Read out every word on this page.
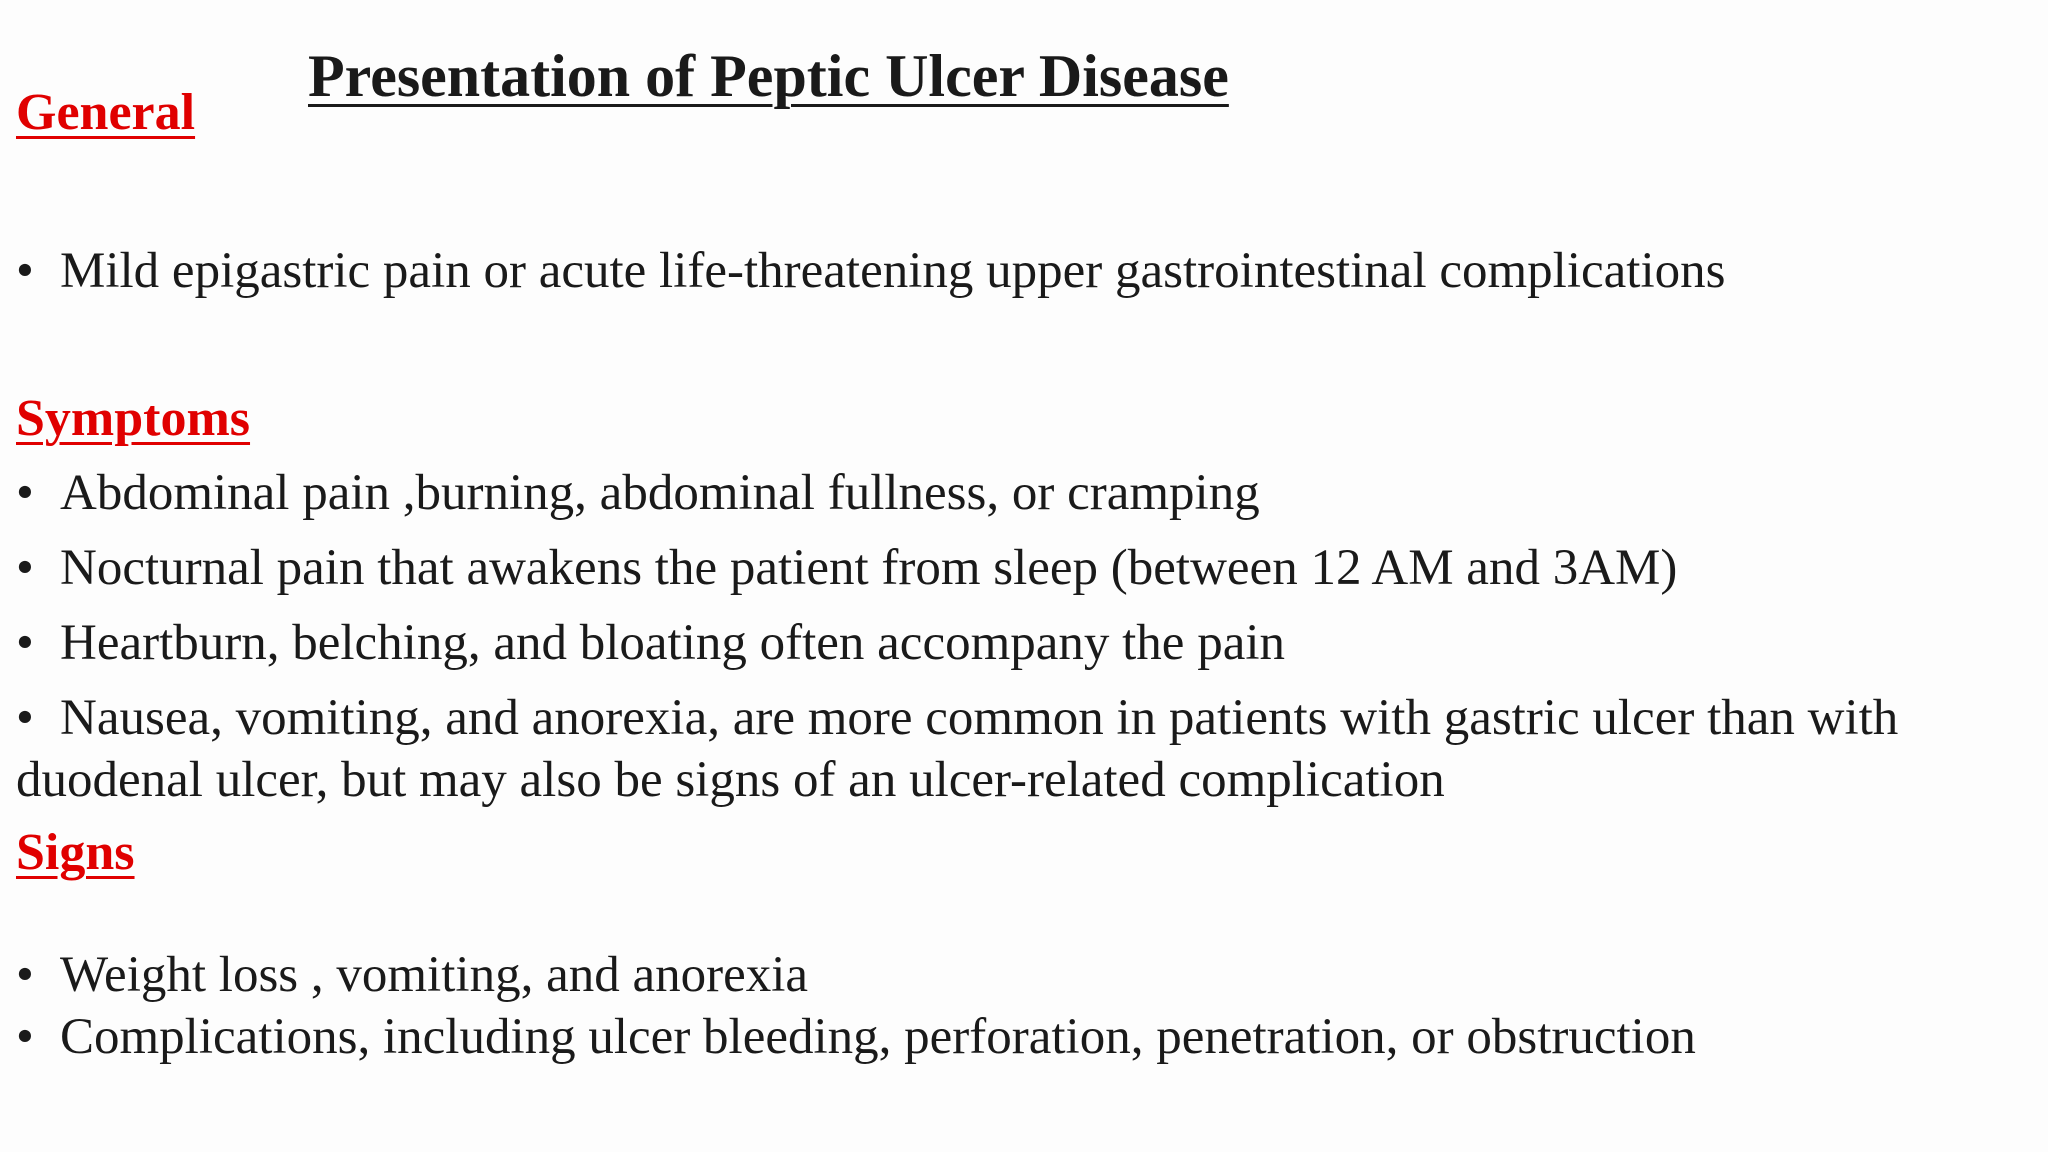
Presentation of Peptic Ulcer Disease
General

• Mild epigastric pain or acute life-threatening upper gastrointestinal complications

Symptoms

• Abdominal pain ,burning, abdominal fullness, or cramping

• Nocturnal pain that awakens the patient from sleep (between 12 AM and 3AM)

• Heartburn, belching, and bloating often accompany the pain

• Nausea, vomiting, and anorexia, are more common in patients with gastric ulcer than with duodenal ulcer, but may also be signs of an ulcer-related complication

Signs

• Weight loss , vomiting, and anorexia

• Complications, including ulcer bleeding, perforation, penetration, or obstruction
